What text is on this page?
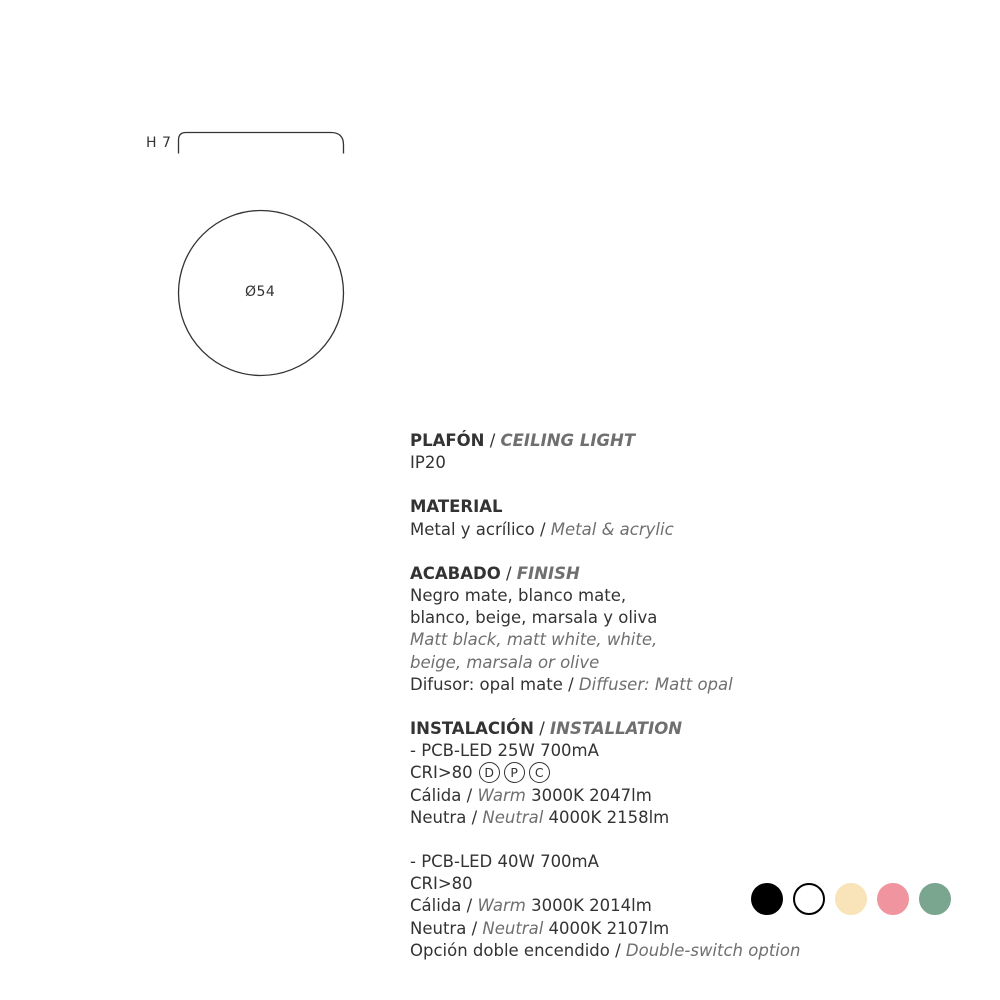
H 7
Ø54
PLAFÓN / CEILING LIGHT
IP20
MATERIAL
Metal y acrílico / Metal & acrylic
ACABADO / FINISH
Negro mate, blanco mate,
blanco, beige, marsala y oliva
Matt black, matt white, white,
beige, marsala or olive
Difusor: opal mate / Diffuser: Matt opal
INSTALACIÓN / INSTALLATION
- PCB-LED 25W 700mA
CRI>80 D P C
Cálida / Warm 3000K 2047lm
Neutra / Neutral 4000K 2158lm
- PCB-LED 40W 700mA
CRI>80
Cálida / Warm 3000K 2014lm
Neutra / Neutral 4000K 2107lm
Opción doble encendido / Double-switch option
